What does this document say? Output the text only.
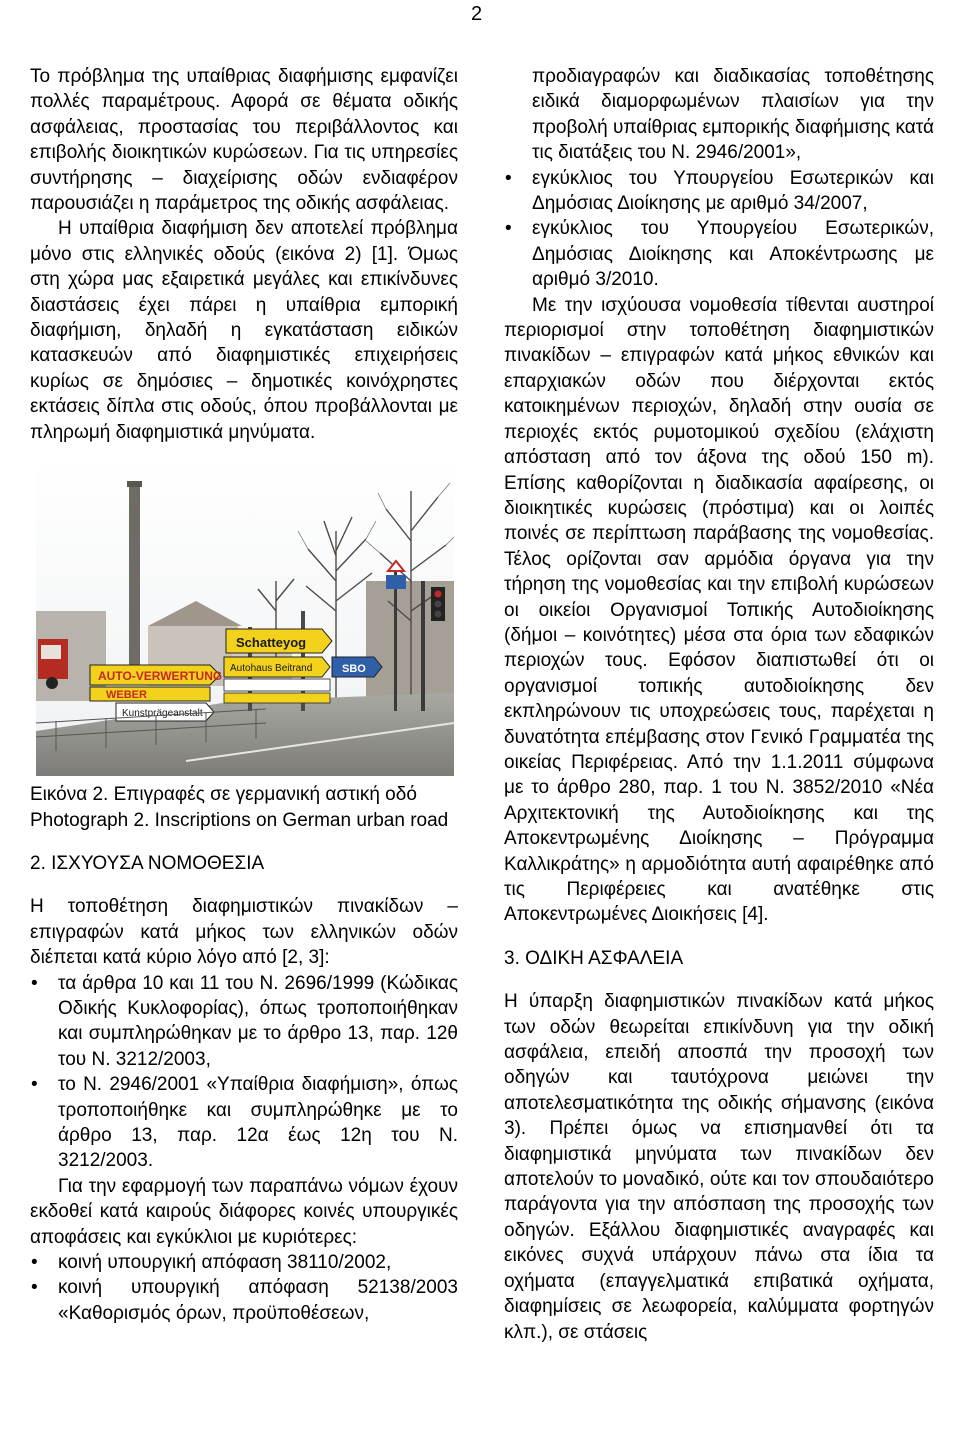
2

Το πρόβλημα της υπαίθριας διαφήμισης εμφανίζει πολλές παραμέτρους. Αφορά σε θέματα οδικής ασφάλειας, προστασίας του περιβάλλοντος και επιβολής διοικητικών κυρώσεων. Για τις υπηρεσίες συντήρησης – διαχείρισης οδών ενδιαφέρον παρουσιάζει η παράμετρος της οδικής ασφάλειας.

Η υπαίθρια διαφήμιση δεν αποτελεί πρόβλημα μόνο στις ελληνικές οδούς (εικόνα 2) [1]. Όμως στη χώρα μας εξαιρετικά μεγάλες και επικίνδυνες διαστάσεις έχει πάρει η υπαίθρια εμπορική διαφήμιση, δηλαδή η εγκατάσταση ειδικών κατασκευών από διαφημιστικές επιχειρήσεις κυρίως σε δημόσιες – δημοτικές κοινόχρηστες εκτάσεις δίπλα στις οδούς, όπου προβάλλονται με πληρωμή διαφημιστικά μηνύματα.

Schatteyog
SBO
Autohaus Beitrand
AUTO-VERWERTUNG
WEBER
Kunstprägeanstalt

Εικόνα 2. Επιγραφές σε γερμανική αστική οδό

Photograph 2. Inscriptions on German urban road

2. ΙΣΧΥΟΥΣΑ ΝΟΜΟΘΕΣΙΑ

Η τοποθέτηση διαφημιστικών πινακίδων – επιγραφών κατά μήκος των ελληνικών οδών διέπεται κατά κύριο λόγο από [2, 3]:

• τα άρθρα 10 και 11 του Ν. 2696/1999 (Κώδικας Οδικής Κυκλοφορίας), όπως τροποποιήθηκαν και συμπληρώθηκαν με το άρθρο 13, παρ. 12θ του Ν. 3212/2003,
• το Ν. 2946/2001 «Υπαίθρια διαφήμιση», όπως τροποποιήθηκε και συμπληρώθηκε με το άρθρο 13, παρ. 12α έως 12η του Ν. 3212/2003.

Για την εφαρμογή των παραπάνω νόμων έχουν εκδοθεί κατά καιρούς διάφορες κοινές υπουργικές αποφάσεις και εγκύκλιοι με κυριότερες:

• κοινή υπουργική απόφαση 38110/2002,
• κοινή υπουργική απόφαση 52138/2003 «Καθορισμός όρων, προϋποθέσεων,

προδιαγραφών και διαδικασίας τοποθέτησης ειδικά διαμορφωμένων πλαισίων για την προβολή υπαίθριας εμπορικής διαφήμισης κατά τις διατάξεις του Ν. 2946/2001»,

• εγκύκλιος του Υπουργείου Εσωτερικών και Δημόσιας Διοίκησης με αριθμό 34/2007,
• εγκύκλιος του Υπουργείου Εσωτερικών, Δημόσιας Διοίκησης και Αποκέντρωσης με αριθμό 3/2010.

Με την ισχύουσα νομοθεσία τίθενται αυστηροί περιορισμοί στην τοποθέτηση διαφημιστικών πινακίδων – επιγραφών κατά μήκος εθνικών και επαρχιακών οδών που διέρχονται εκτός κατοικημένων περιοχών, δηλαδή στην ουσία σε περιοχές εκτός ρυμοτομικού σχεδίου (ελάχιστη απόσταση από τον άξονα της οδού 150 m). Επίσης καθορίζονται η διαδικασία αφαίρεσης, οι διοικητικές κυρώσεις (πρόστιμα) και οι λοιπές ποινές σε περίπτωση παράβασης της νομοθεσίας. Τέλος ορίζονται σαν αρμόδια όργανα για την τήρηση της νομοθεσίας και την επιβολή κυρώσεων οι οικείοι Οργανισμοί Τοπικής Αυτοδιοίκησης (δήμοι – κοινότητες) μέσα στα όρια των εδαφικών περιοχών τους. Εφόσον διαπιστωθεί ότι οι οργανισμοί τοπικής αυτοδιοίκησης δεν εκπληρώνουν τις υποχρεώσεις τους, παρέχεται η δυνατότητα επέμβασης στον Γενικό Γραμματέα της οικείας Περιφέρειας. Από την 1.1.2011 σύμφωνα με το άρθρο 280, παρ. 1 του Ν. 3852/2010 «Νέα Αρχιτεκτονική της Αυτοδιοίκησης και της Αποκεντρωμένης Διοίκησης – Πρόγραμμα Καλλικράτης» η αρμοδιότητα αυτή αφαιρέθηκε από τις Περιφέρειες και ανατέθηκε στις Αποκεντρωμένες Διοικήσεις [4].

3. ΟΔΙΚΗ ΑΣΦΑΛΕΙΑ

Η ύπαρξη διαφημιστικών πινακίδων κατά μήκος των οδών θεωρείται επικίνδυνη για την οδική ασφάλεια, επειδή αποσπά την προσοχή των οδηγών και ταυτόχρονα μειώνει την αποτελεσματικότητα της οδικής σήμανσης (εικόνα 3). Πρέπει όμως να επισημανθεί ότι τα διαφημιστικά μηνύματα των πινακίδων δεν αποτελούν το μοναδικό, ούτε και τον σπουδαιότερο παράγοντα για την απόσπαση της προσοχής των οδηγών. Εξάλλου διαφημιστικές αναγραφές και εικόνες συχνά υπάρχουν πάνω στα ίδια τα οχήματα (επαγγελματικά επιβατικά οχήματα, διαφημίσεις σε λεωφορεία, καλύμματα φορτηγών κλπ.), σε στάσεις
